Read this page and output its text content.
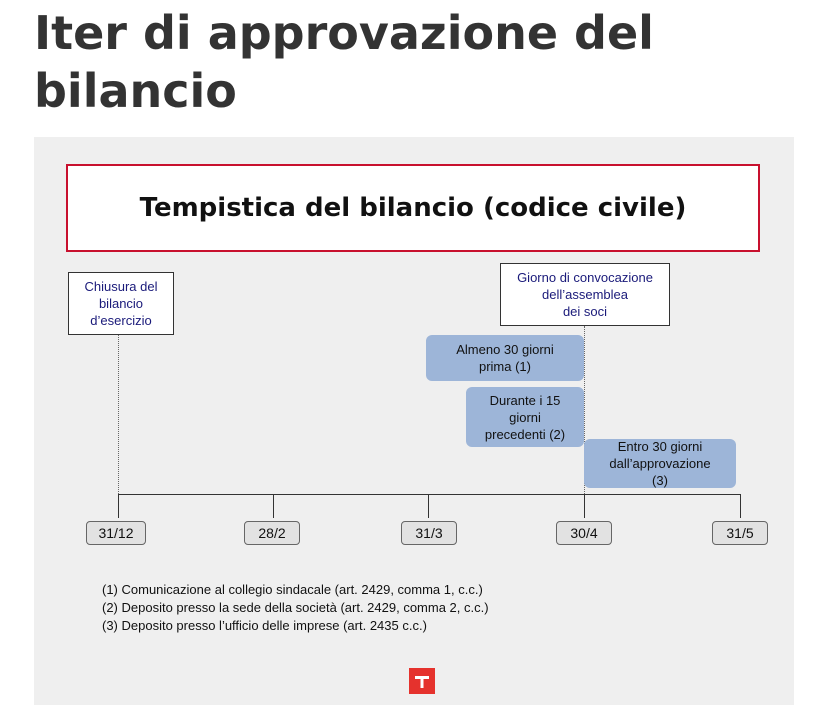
Iter di approvazione del bilancio
Tempistica del bilancio (codice civile)
Chiusura del
bilancio
d’esercizio
Giorno di convocazione
dell’assemblea
dei soci
Almeno 30 giorni
prima (1)
Durante i 15
giorni
precedenti (2)
Entro 30 giorni
dall’approvazione
(3)
31/12	28/2	31/3	30/4	31/5
(1) Comunicazione al collegio sindacale (art. 2429, comma 1, c.c.)
(2) Deposito presso la sede della società (art. 2429, comma 2, c.c.)
(3) Deposito presso l’ufficio delle imprese (art. 2435 c.c.)
